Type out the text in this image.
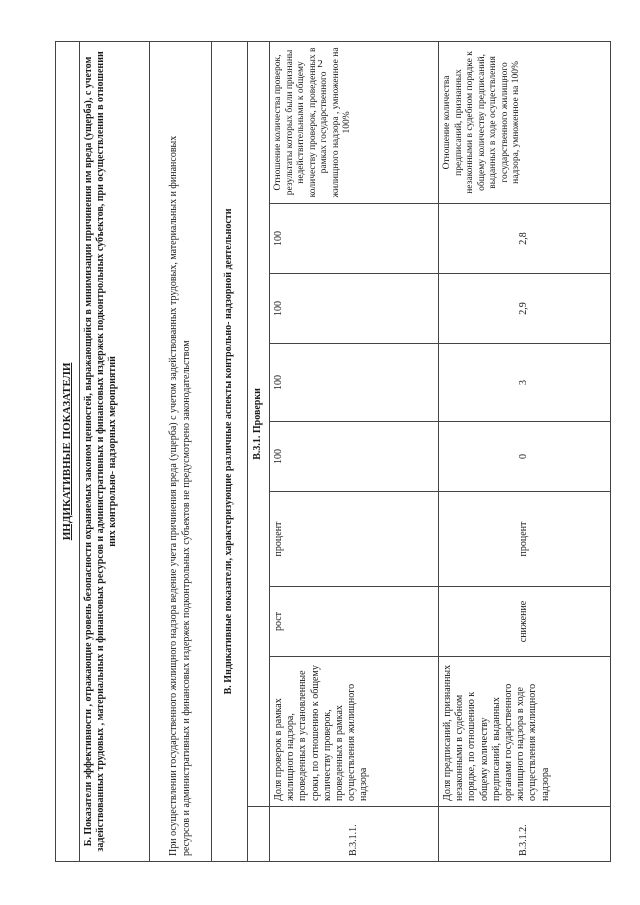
2
ИНДИКАТИВНЫЕ ПОКАЗАТЕЛИ								
Б. Показатели эффективности , отражающие уровень безопасности охраняемых законом ценностей, выражающийся в минимизации причинения им вреда (ущерба), с учетом задействованных трудовых , материальных и финансовых ресурсов и административных и финансовых издержек подконтрольных субъектов, при осуществлении в отношении них контрольно- надзорных мероприятий								
При осуществлении государственного жилищного надзора ведение учета причинения вреда (ущерба) с учетом задействованных трудовых, материальных и финансовых ресурсов и административных и финансовых издержек подконтрольных субъектов не предусмотрено законодательством								
В. Индикативные показатели, характеризующие различные аспекты контрольно- надзорной деятельности								
	В.3.1. Проверки							
В.3.1.1.	Доля проверок в рамках жилищного надзора, проведенных в установленные сроки, по отношению к общему количеству проверок, проведенных в рамках осуществления жилищного надзора	рост	процент	100	100	100	100	Отношение количества проверок, результаты которых были признаны недействительными к общему количеству проверок, проведенных в рамках государственного жилищного надзора , умноженное на 100%
В.3.1.2.	Доля предписаний, признанных незаконными в судебном порядке, по отношению к общему количеству предписаний, выданных органами государственного жилищного надзора в ходе осуществления жилищного надзора	снижение	процент	0	3	2,9	2,8	Отношение количества предписаний, признанных незаконными в судебном порядке к общему количеству предписаний, выданных в ходе осуществления государственного жилищного надзора, умноженное на 100%
